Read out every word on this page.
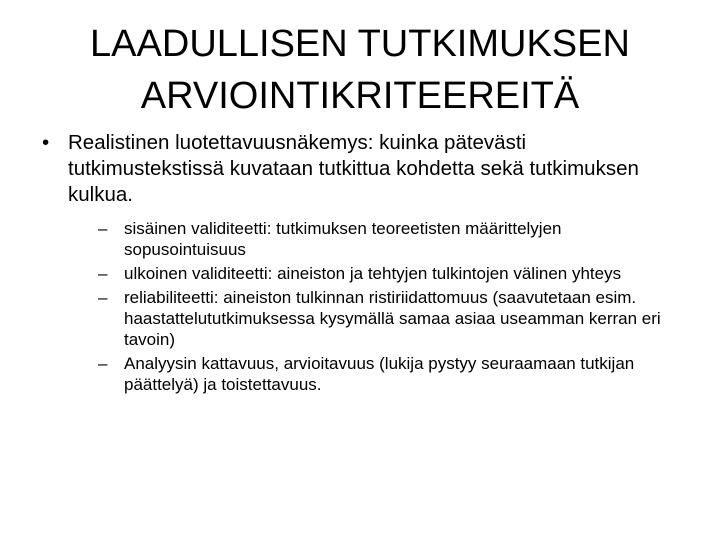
LAADULLISEN TUTKIMUKSEN
ARVIOINTIKRITEEREITÄ
• Realistinen luotettavuusnäkemys: kuinka pätevästi tutkimustekstissä kuvataan tutkittua kohdetta sekä tutkimuksen kulkua.
– sisäinen validiteetti: tutkimuksen teoreetisten määrittelyjen sopusointuisuus
– ulkoinen validiteetti: aineiston ja tehtyjen tulkintojen välinen yhteys
– reliabiliteetti: aineiston tulkinnan ristiriidattomuus (saavutetaan esim. haastattelututkimuksessa kysymällä samaa asiaa useamman kerran eri tavoin)
– Analyysin kattavuus, arvioitavuus (lukija pystyy seuraamaan tutkijan päättelyä) ja toistettavuus.
